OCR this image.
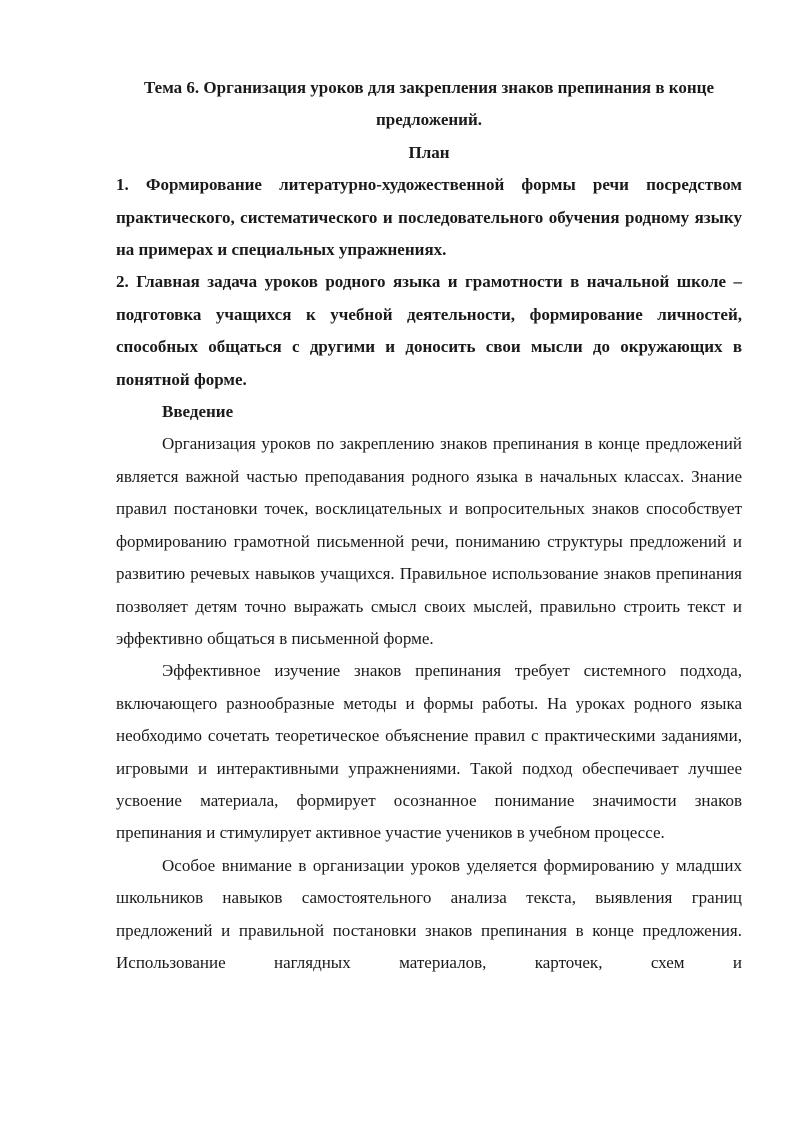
Тема 6. Организация уроков для закрепления знаков препинания в конце предложений.

План

1. Формирование литературно-художественной формы речи посредством практического, систематического и последовательного обучения родному языку на примерах и специальных упражнениях.

2. Главная задача уроков родного языка и грамотности в начальной школе – подготовка учащихся к учебной деятельности, формирование личностей, способных общаться с другими и доносить свои мысли до окружающих в понятной форме.

Введение

Организация уроков по закреплению знаков препинания в конце предложений является важной частью преподавания родного языка в начальных классах. Знание правил постановки точек, восклицательных и вопросительных знаков способствует формированию грамотной письменной речи, пониманию структуры предложений и развитию речевых навыков учащихся. Правильное использование знаков препинания позволяет детям точно выражать смысл своих мыслей, правильно строить текст и эффективно общаться в письменной форме.

Эффективное изучение знаков препинания требует системного подхода, включающего разнообразные методы и формы работы. На уроках родного языка необходимо сочетать теоретическое объяснение правил с практическими заданиями, игровыми и интерактивными упражнениями. Такой подход обеспечивает лучшее усвоение материала, формирует осознанное понимание значимости знаков препинания и стимулирует активное участие учеников в учебном процессе.

Особое внимание в организации уроков уделяется формированию у младших школьников навыков самостоятельного анализа текста, выявления границ предложений и правильной постановки знаков препинания в конце предложения. Использование наглядных материалов, карточек, схем и
